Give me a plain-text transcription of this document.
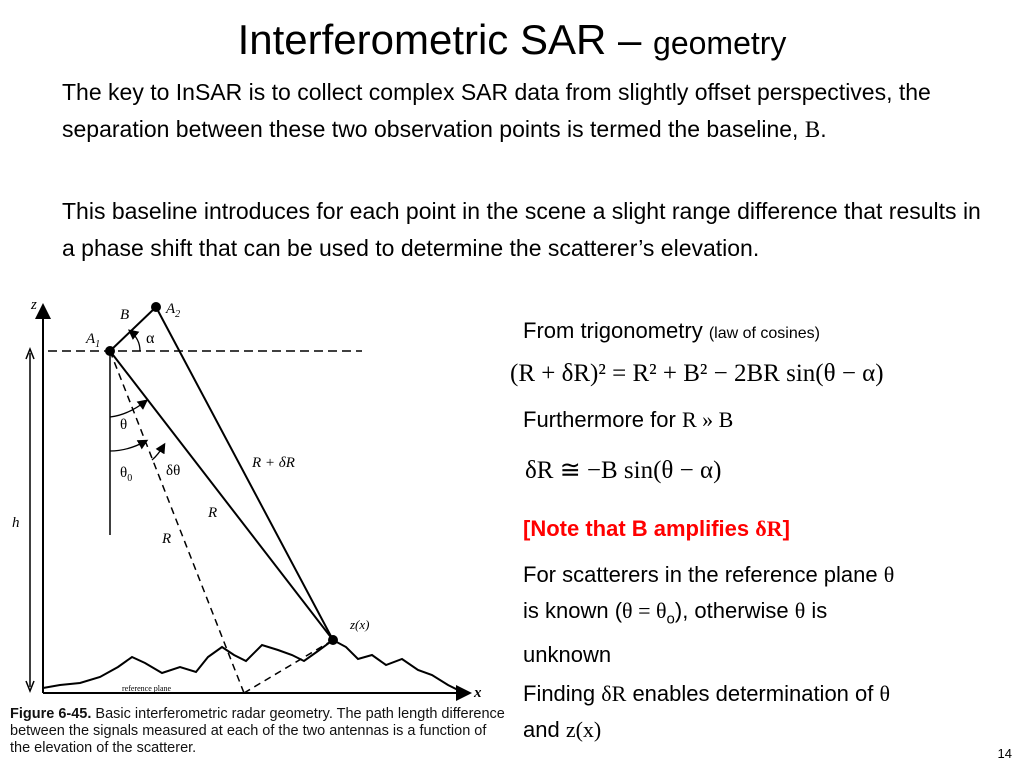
Interferometric SAR – geometry
The key to InSAR is to collect complex SAR data from slightly offset perspectives, the separation between these two observation points is termed the baseline, B.
This baseline introduces for each point in the scene a slight range difference that results in a phase shift that can be used to determine the scatterer’s elevation.
From trigonometry (law of cosines)
(R + δR)² = R² + B² − 2BR sin(θ − α)
Furthermore for R » B
δR ≅ −B sin(θ − α)
[Note that B amplifies δR]
For scatterers in the reference plane θ
is known $(\theta = \theta_o)$, otherwise θ is
unknown
Finding δR enables determination of θ
and z(x)
z
x
h
reference plane
$A_1$
$A_2$
B
α
θ
$\theta_0$ δθ	R + δR
R
R
z(x)
Figure 6-45. Basic interferometric radar geometry. The path length difference between the signals measured at each of the two antennas is a function of the elevation of the scatterer.	14
